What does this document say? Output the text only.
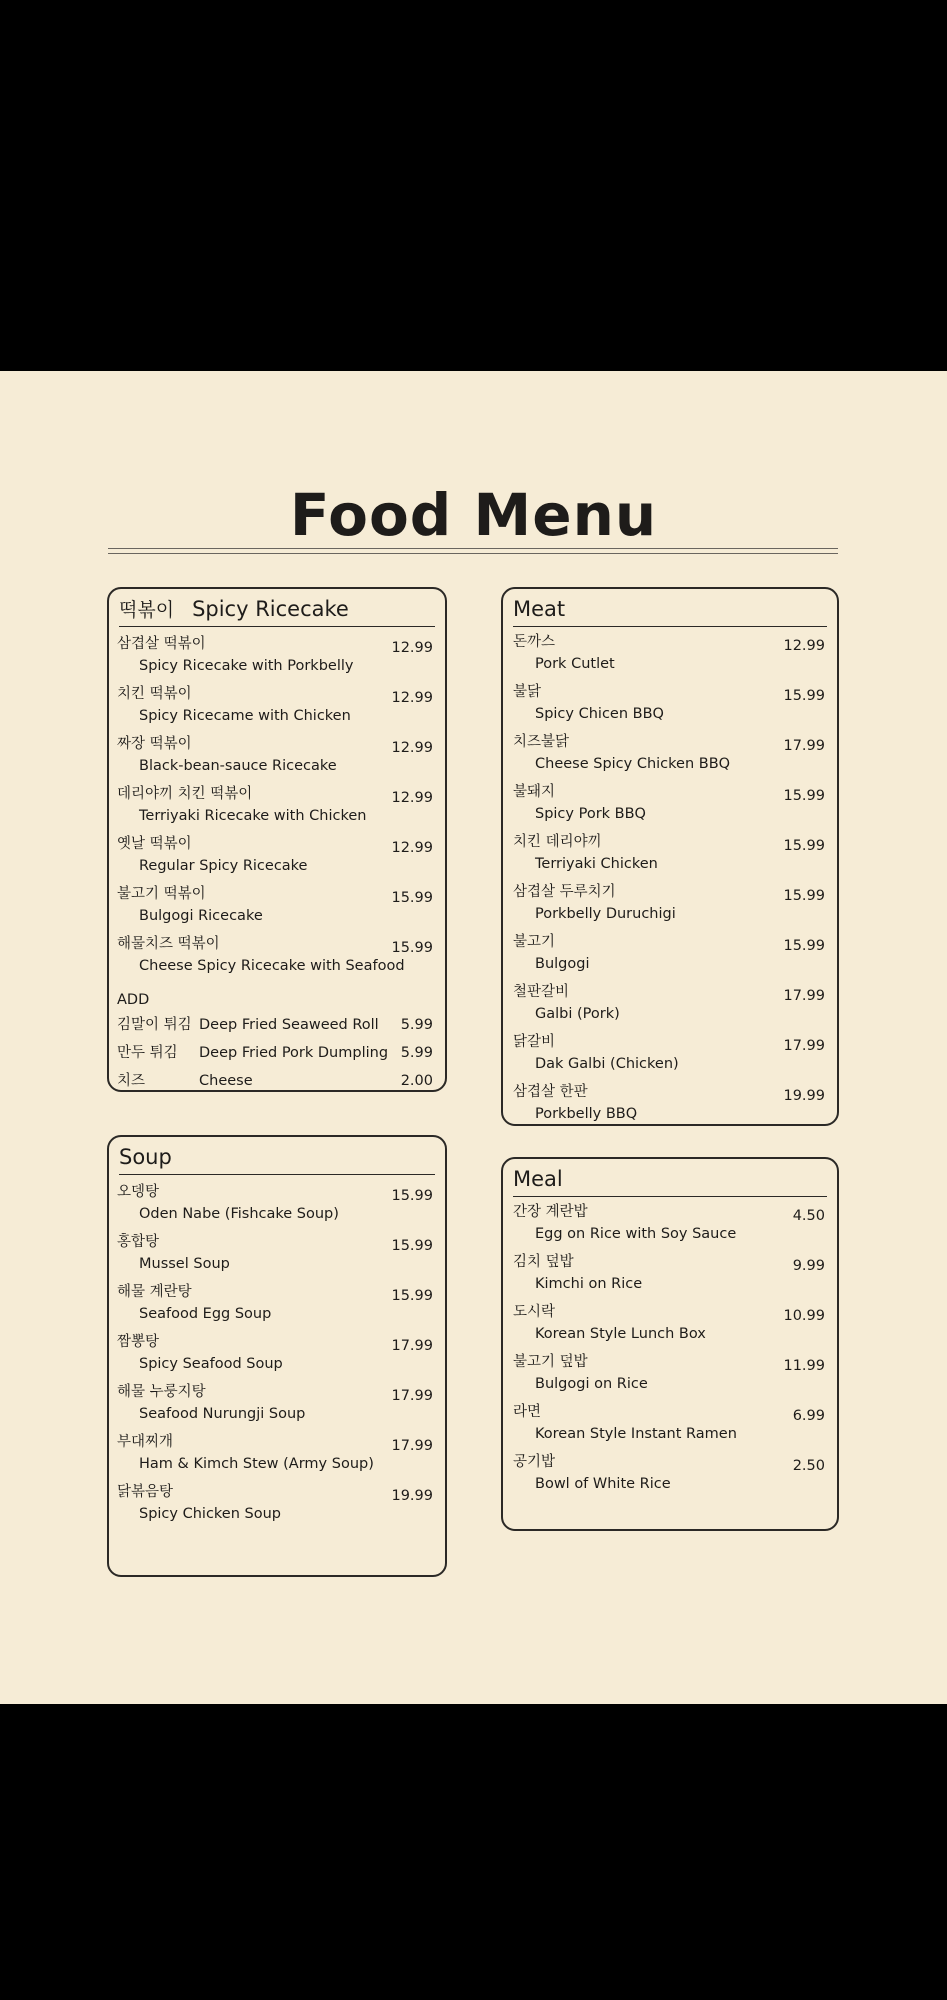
Food Menu
떡볶이 Spicy Ricecake
삼겹살 떡볶이
Spicy Ricecake with Porkbelly
12.99
치킨 떡볶이
Spicy Ricecame with Chicken
12.99
짜장 떡볶이
Black-bean-sauce Ricecake
12.99
데리야끼 치킨 떡볶이
Terriyaki Ricecake with Chicken
12.99
옛날 떡볶이
Regular Spicy Ricecake
12.99
불고기 떡볶이
Bulgogi Ricecake
15.99
해물치즈 떡볶이
Cheese Spicy Ricecake with Seafood
15.99
ADD
김말이 튀김 Deep Fried Seaweed Roll 5.99
만두 튀김 Deep Fried Pork Dumpling 5.99
치즈	Cheese	2.00
Meat
돈까스
Pork Cutlet
12.99
불닭
Spicy Chicen BBQ
15.99
치즈불닭
Cheese Spicy Chicken BBQ
17.99
불돼지
Spicy Pork BBQ
15.99
치킨 데리야끼
Terriyaki Chicken
15.99
삼겹살 두루치기
Porkbelly Duruchigi
15.99
불고기
Bulgogi
15.99
철판갈비
Galbi (Pork)
17.99
닭갈비
Dak Galbi (Chicken)
17.99
삼겹살 한판
Porkbelly BBQ
19.99
Soup
오뎅탕
Oden Nabe (Fishcake Soup)
15.99
홍합탕
Mussel Soup
15.99
해물 계란탕
Seafood Egg Soup
15.99
짬뽕탕
Spicy Seafood Soup
17.99
해물 누룽지탕
Seafood Nurungji Soup
17.99
부대찌개
Ham & Kimch Stew (Army Soup)
17.99
닭볶음탕
Spicy Chicken Soup
19.99
Meal
간장 계란밥
Egg on Rice with Soy Sauce
4.50
김치 덮밥
Kimchi on Rice
9.99
도시락
Korean Style Lunch Box
10.99
불고기 덮밥
Bulgogi on Rice
11.99
라면
Korean Style Instant Ramen
6.99
공기밥
Bowl of White Rice
2.50
